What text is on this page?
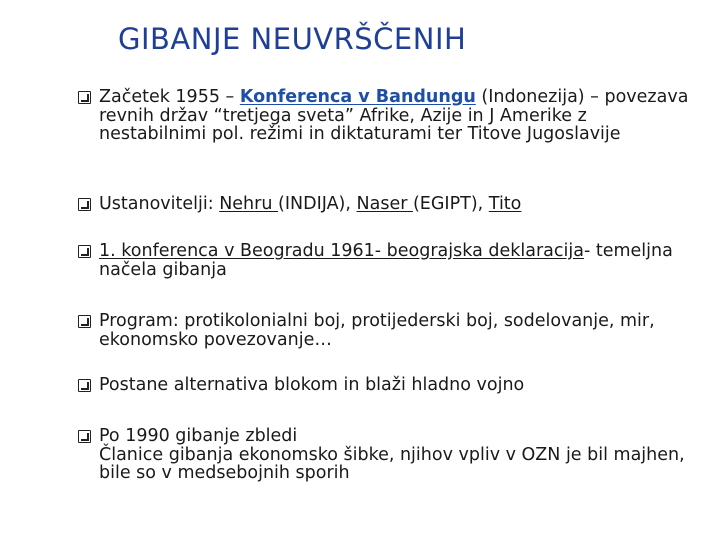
GIBANJE NEUVRŠČENIH
Začetek 1955 – Konferenca v Bandungu (Indonezija) – povezava revnih držav “tretjega sveta” Afrike, Azije in J Amerike z nestabilnimi pol. režimi in diktaturami ter Titove Jugoslavije
Ustanovitelji: Nehru (INDIJA), Naser (EGIPT), Tito
1. konferenca v Beogradu 1961- beograjska deklaracija- temeljna načela gibanja
Program: protikolonialni boj, protijederski boj, sodelovanje, mir, ekonomsko povezovanje…
Postane alternativa blokom in blaži hladno vojno
Po 1990 gibanje zbledi
Članice gibanja ekonomsko šibke, njihov vpliv v OZN je bil majhen, bile so v medsebojnih sporih
